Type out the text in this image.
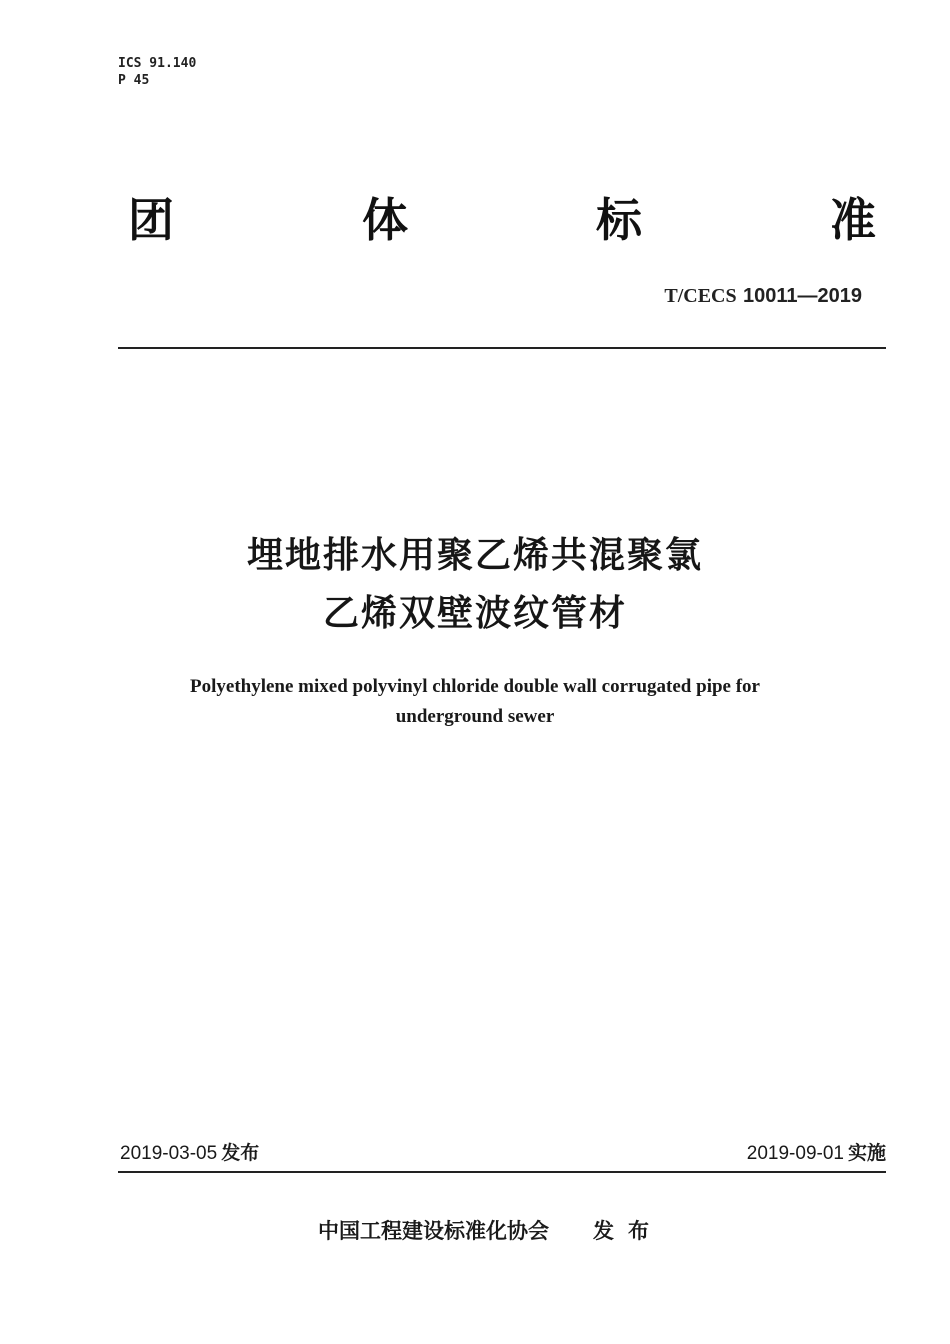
ICS 91.140
P 45
团	体	标	准
T/CECS 10011—2019
埋地排水用聚乙烯共混聚氯
乙烯双壁波纹管材
Polyethylene mixed polyvinyl chloride double wall corrugated pipe for
underground sewer
2019-03-05 发布	2019-09-01 实施
中国工程建设标准化协会 发布
